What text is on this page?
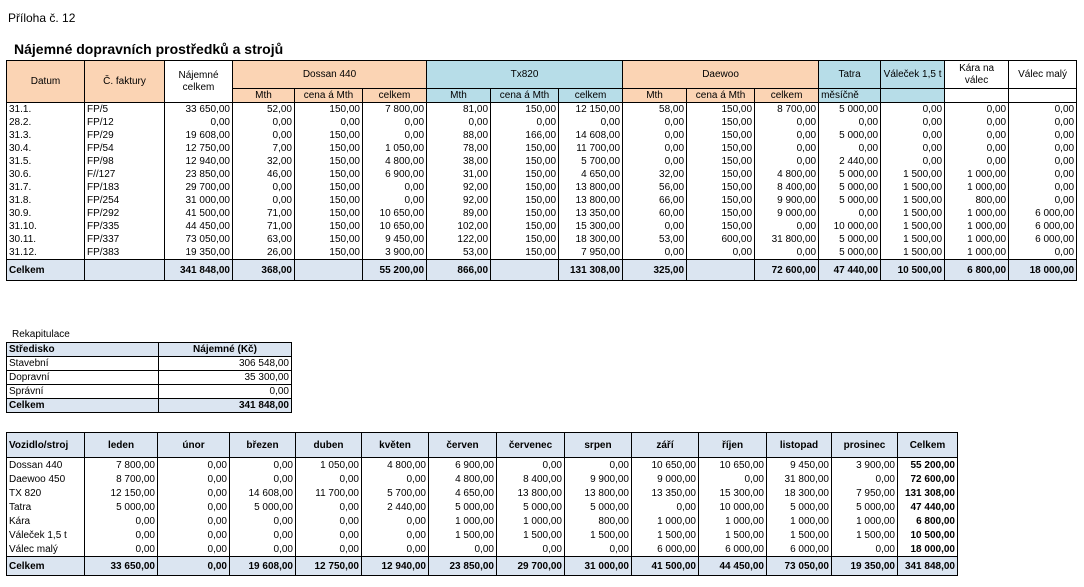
Příloha č. 12
Nájemné dopravních prostředků a strojů
Datum	Č. faktury	Nájemné celkem	Dossan 440			Tx820			Daewoo			Tatra	Váleček 1,5 t	Kára na válec	Válec malý
			Mth	cena á Mth	celkem	Mth	cena á Mth	celkem	Mth	cena á Mth	celkem	měsíčně			
31.1.	FP/5	33 650,00	52,00	150,00	7 800,00	81,00	150,00	12 150,00	58,00	150,00	8 700,00	5 000,00	0,00	0,00	0,00
28.2.	FP/12	0,00	0,00	0,00	0,00	0,00	0,00	0,00	0,00	150,00	0,00	0,00	0,00	0,00	0,00
31.3.	FP/29	19 608,00	0,00	150,00	0,00	88,00	166,00	14 608,00	0,00	150,00	0,00	5 000,00	0,00	0,00	0,00
30.4.	FP/54	12 750,00	7,00	150,00	1 050,00	78,00	150,00	11 700,00	0,00	150,00	0,00	0,00	0,00	0,00	0,00
31.5.	FP/98	12 940,00	32,00	150,00	4 800,00	38,00	150,00	5 700,00	0,00	150,00	0,00	2 440,00	0,00	0,00	0,00
30.6.	F//127	23 850,00	46,00	150,00	6 900,00	31,00	150,00	4 650,00	32,00	150,00	4 800,00	5 000,00	1 500,00	1 000,00	0,00
31.7.	FP/183	29 700,00	0,00	150,00	0,00	92,00	150,00	13 800,00	56,00	150,00	8 400,00	5 000,00	1 500,00	1 000,00	0,00
31.8.	FP/254	31 000,00	0,00	150,00	0,00	92,00	150,00	13 800,00	66,00	150,00	9 900,00	5 000,00	1 500,00	800,00	0,00
30.9.	FP/292	41 500,00	71,00	150,00	10 650,00	89,00	150,00	13 350,00	60,00	150,00	9 000,00	0,00	1 500,00	1 000,00	6 000,00
31.10.	FP/335	44 450,00	71,00	150,00	10 650,00	102,00	150,00	15 300,00	0,00	150,00	0,00	10 000,00	1 500,00	1 000,00	6 000,00
30.11.	FP/337	73 050,00	63,00	150,00	9 450,00	122,00	150,00	18 300,00	53,00	600,00	31 800,00	5 000,00	1 500,00	1 000,00	6 000,00
31.12.	FP/383	19 350,00	26,00	150,00	3 900,00	53,00	150,00	7 950,00	0,00	0,00	0,00	5 000,00	1 500,00	1 000,00	0,00
Celkem		341 848,00	368,00		55 200,00	866,00		131 308,00	325,00		72 600,00	47 440,00	10 500,00	6 800,00	18 000,00
Rekapitulace
Středisko	Nájemné (Kč)
Stavební	306 548,00
Dopravní	35 300,00
Správní	0,00
Celkem	341 848,00
Vozidlo/stroj	leden	únor	březen	duben	květen	červen	červenec	srpen	září	říjen	listopad	prosinec	Celkem
Dossan 440	7 800,00	0,00	0,00	1 050,00	4 800,00	6 900,00	0,00	0,00	10 650,00	10 650,00	9 450,00	3 900,00	55 200,00
Daewoo 450	8 700,00	0,00	0,00	0,00	0,00	4 800,00	8 400,00	9 900,00	9 000,00	0,00	31 800,00	0,00	72 600,00
TX 820	12 150,00	0,00	14 608,00	11 700,00	5 700,00	4 650,00	13 800,00	13 800,00	13 350,00	15 300,00	18 300,00	7 950,00	131 308,00
Tatra	5 000,00	0,00	5 000,00	0,00	2 440,00	5 000,00	5 000,00	5 000,00	0,00	10 000,00	5 000,00	5 000,00	47 440,00
Kára	0,00	0,00	0,00	0,00	0,00	1 000,00	1 000,00	800,00	1 000,00	1 000,00	1 000,00	1 000,00	6 800,00
Váleček 1,5 t	0,00	0,00	0,00	0,00	0,00	1 500,00	1 500,00	1 500,00	1 500,00	1 500,00	1 500,00	1 500,00	10 500,00
Válec malý	0,00	0,00	0,00	0,00	0,00	0,00	0,00	0,00	6 000,00	6 000,00	6 000,00	0,00	18 000,00
Celkem	33 650,00	0,00	19 608,00	12 750,00	12 940,00	23 850,00	29 700,00	31 000,00	41 500,00	44 450,00	73 050,00	19 350,00	341 848,00
